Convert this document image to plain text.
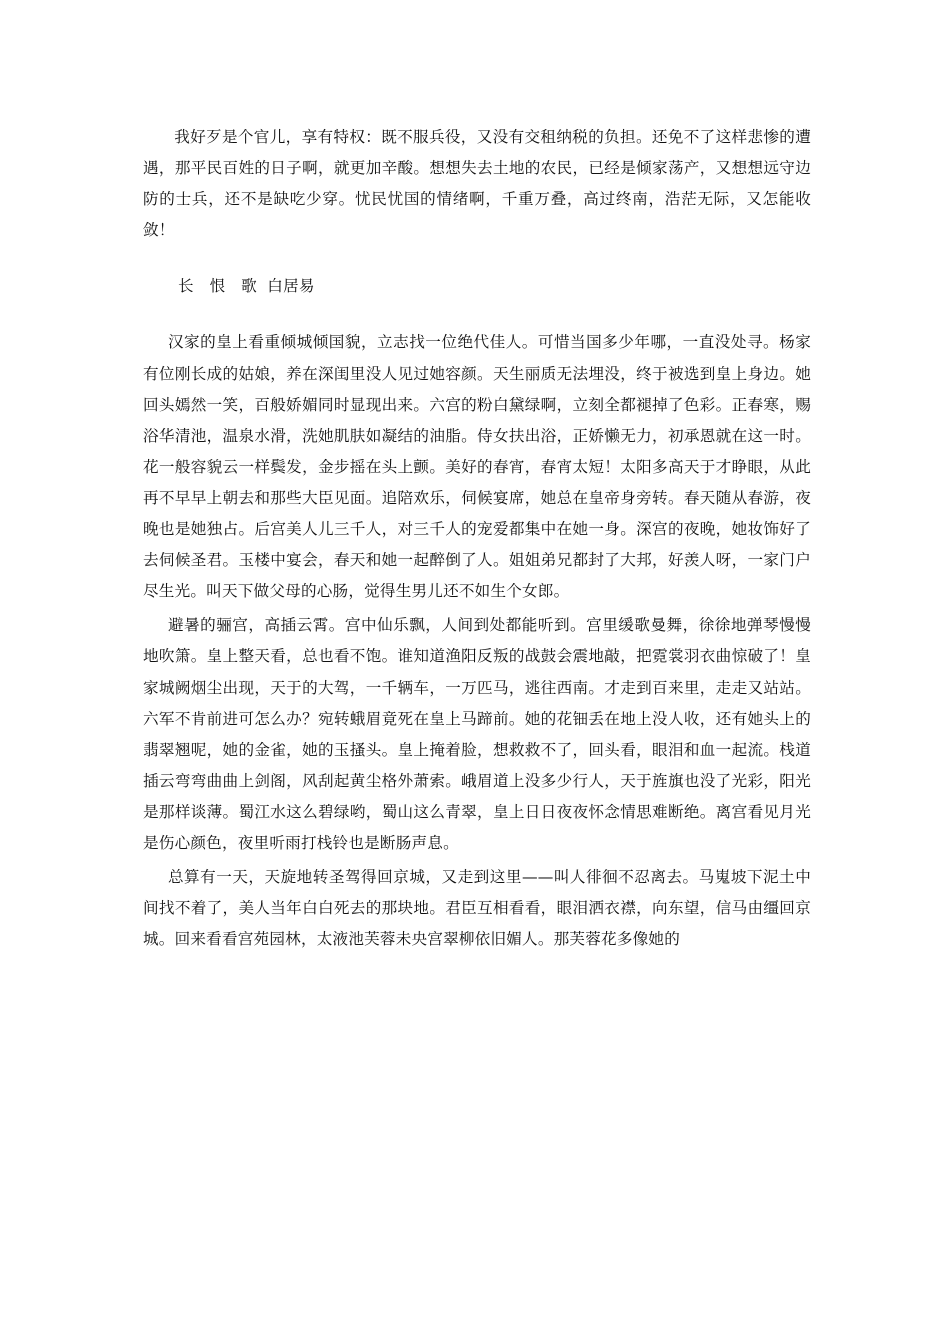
我好歹是个官儿，享有特权：既不服兵役，又没有交租纳税的负担。还免不了这样悲惨的遭遇，那平民百姓的日子啊，就更加辛酸。想想失去土地的农民，已经是倾家荡产，又想想远守边防的士兵，还不是缺吃少穿。忧民忧国的情绪啊，千重万叠，高过终南，浩茫无际，又怎能收敛！

长　恨　歌  白居易

汉家的皇上看重倾城倾国貌，立志找一位绝代佳人。可惜当国多少年哪，一直没处寻。杨家有位刚长成的姑娘，养在深闺里没人见过她容颜。天生丽质无法埋没，终于被选到皇上身边。她回头嫣然一笑，百般娇媚同时显现出来。六宫的粉白黛绿啊，立刻全都褪掉了色彩。正春寒，赐浴华清池，温泉水滑，洗她肌肤如凝结的油脂。侍女扶出浴，正娇懒无力，初承恩就在这一时。花一般容貌云一样鬓发，金步摇在头上颤。美好的春宵，春宵太短！太阳多高天于才睁眼，从此再不早早上朝去和那些大臣见面。追陪欢乐，伺候宴席，她总在皇帝身旁转。春天随从春游，夜晚也是她独占。后宫美人儿三千人，对三千人的宠爱都集中在她一身。深宫的夜晚，她妆饰好了去伺候圣君。玉楼中宴会，春天和她一起醉倒了人。姐姐弟兄都封了大邦，好羡人呀，一家门户尽生光。叫天下做父母的心肠，觉得生男儿还不如生个女郎。

避暑的骊宫，高插云霄。宫中仙乐飘，人间到处都能听到。宫里缓歌曼舞，徐徐地弹琴慢慢地吹箫。皇上整天看，总也看不饱。谁知道渔阳反叛的战鼓会震地敲，把霓裳羽衣曲惊破了！皇家城阙烟尘出现，天于的大驾，一千辆车，一万匹马，逃往西南。才走到百来里，走走又站站。六军不肯前进可怎么办？宛转蛾眉竟死在皇上马蹄前。她的花钿丢在地上没人收，还有她头上的翡翠翘呢，她的金雀，她的玉搔头。皇上掩着脸，想救救不了，回头看，眼泪和血一起流。栈道插云弯弯曲曲上剑阁，风刮起黄尘格外萧索。峨眉道上没多少行人，天于旌旗也没了光彩，阳光是那样谈薄。蜀江水这么碧绿哟，蜀山这么青翠，皇上日日夜夜怀念情思难断绝。离宫看见月光是伤心颜色，夜里听雨打栈铃也是断肠声息。

总算有一天，天旋地转圣驾得回京城，又走到这里——叫人徘徊不忍离去。马嵬坡下泥土中间找不着了，美人当年白白死去的那块地。君臣互相看看，眼泪洒衣襟，向东望，信马由缰回京城。回来看看宫苑园林，太液池芙蓉未央宫翠柳依旧媚人。那芙蓉花多像她的
